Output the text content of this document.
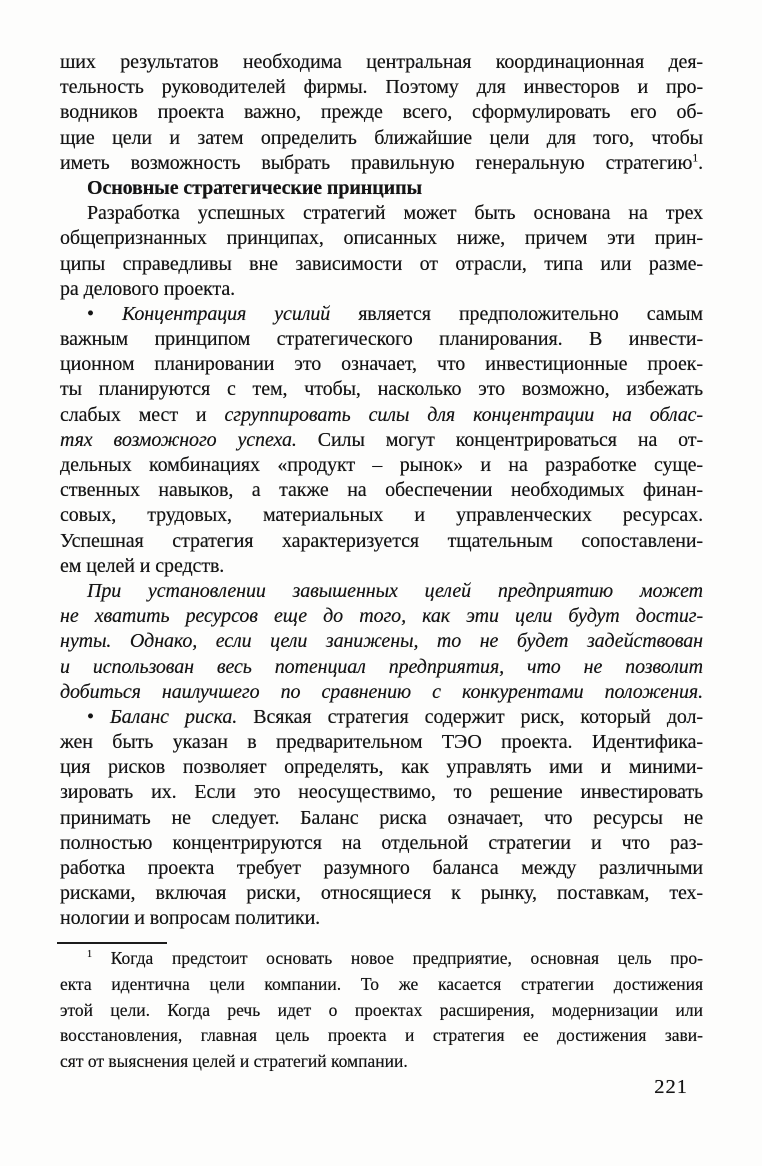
ших результатов необходима центральная координационная дея-
тельность руководителей фирмы. Поэтому для инвесторов и про-
водников проекта важно, прежде всего, сформулировать его об-
щие цели и затем определить ближайшие цели для того, чтобы
иметь возможность выбрать правильную генеральную стратегию$^1$.
Основные стратегические принципы
Разработка успешных стратегий может быть основана на трех
общепризнанных принципах, описанных ниже, причем эти прин-
ципы справедливы вне зависимости от отрасли, типа или разме-
ра делового проекта.
• Концентрация усилий является предположительно самым
важным принципом стратегического планирования. В инвести-
ционном планировании это означает, что инвестиционные проек-
ты планируются с тем, чтобы, насколько это возможно, избежать
слабых мест и сгруппировать силы для концентрации на облас-
тях возможного успеха. Силы могут концентрироваться на от-
дельных комбинациях «продукт – рынок» и на разработке суще-
ственных навыков, а также на обеспечении необходимых финан-
совых, трудовых, материальных и управленческих ресурсах.
Успешная стратегия характеризуется тщательным сопоставлени-
ем целей и средств.
При установлении завышенных целей предприятию может
не хватить ресурсов еще до того, как эти цели будут достиг-
нуты. Однако, если цели занижены, то не будет задействован
и использован весь потенциал предприятия, что не позволит
добиться наилучшего по сравнению с конкурентами положения.
• Баланс риска. Всякая стратегия содержит риск, который дол-
жен быть указан в предварительном ТЭО проекта. Идентифика-
ция рисков позволяет определять, как управлять ими и миними-
зировать их. Если это неосуществимо, то решение инвестировать
принимать не следует. Баланс риска означает, что ресурсы не
полностью концентрируются на отдельной стратегии и что раз-
работка проекта требует разумного баланса между различными
рисками, включая риски, относящиеся к рынку, поставкам, тех-
нологии и вопросам политики.
$^1$ Когда предстоит основать новое предприятие, основная цель про-
екта идентична цели компании. То же касается стратегии достижения
этой цели. Когда речь идет о проектах расширения, модернизации или
восстановления, главная цель проекта и стратегия ее достижения зави-
сят от выяснения целей и стратегий компании.
221
